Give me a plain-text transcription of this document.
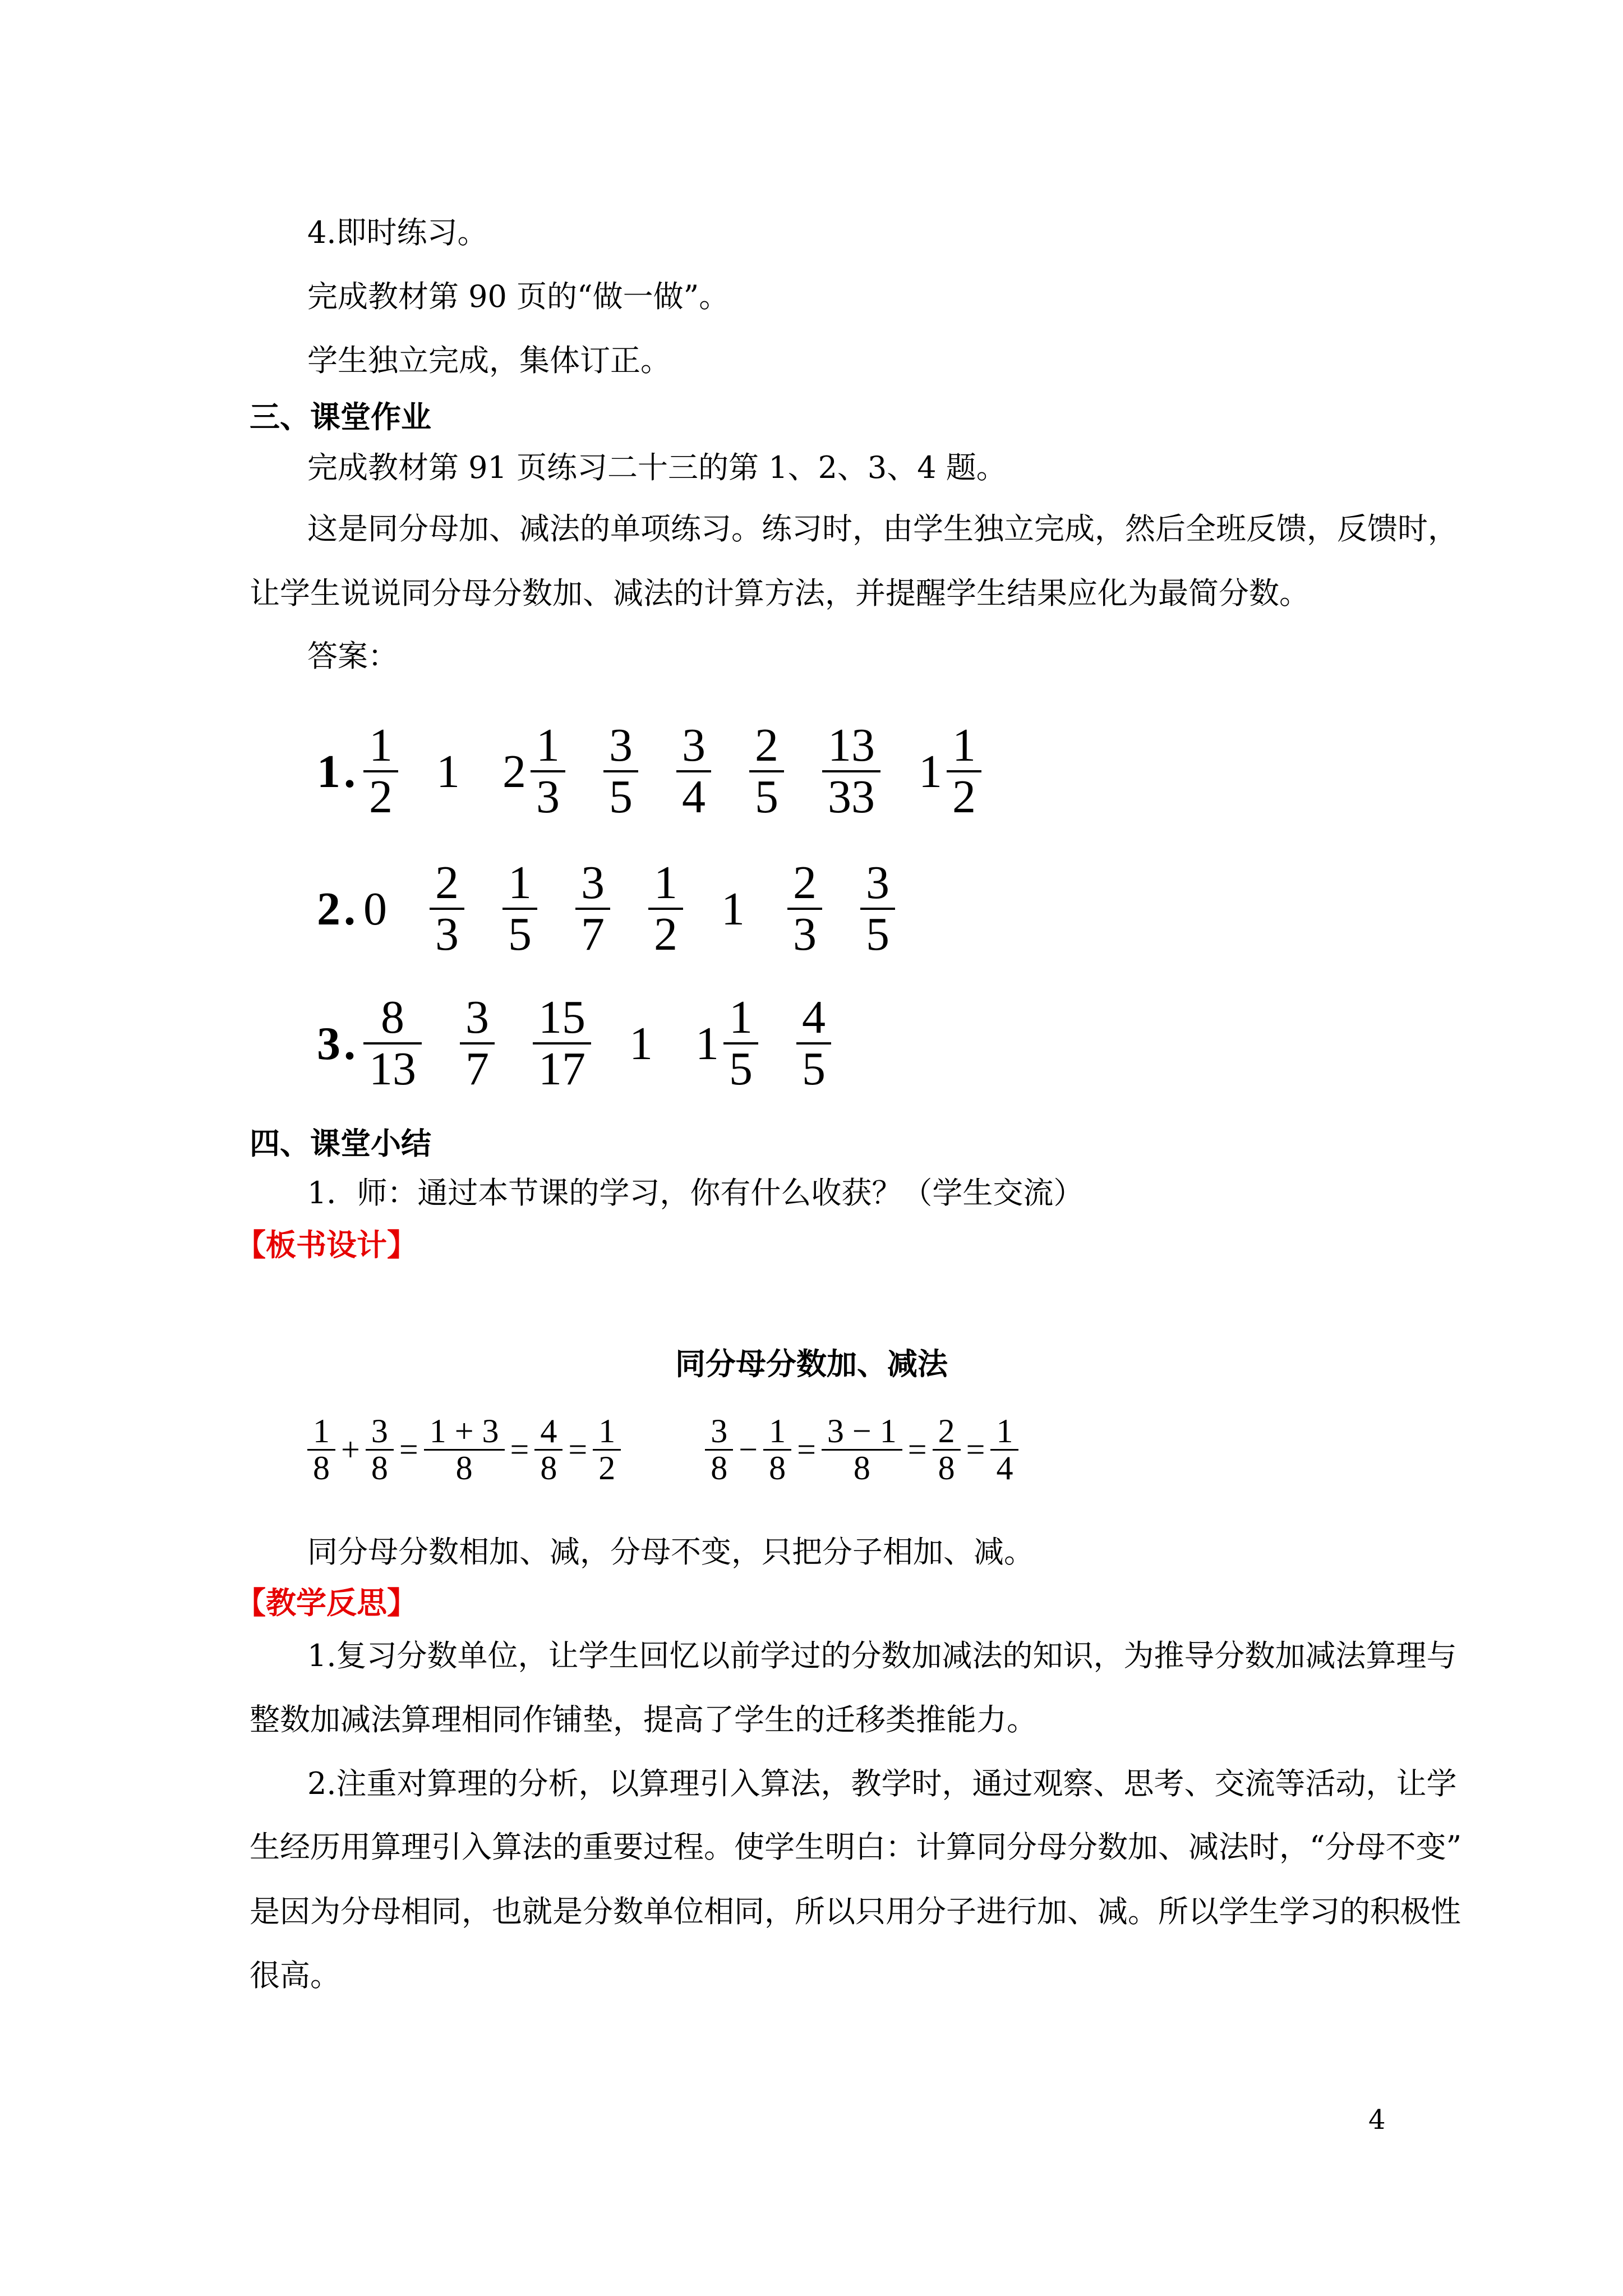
4.即时练习。

完成教材第 90 页的“做一做”。

学生独立完成，集体订正。

三、课堂作业

完成教材第 91 页练习二十三的第 1、2、3、4 题。

这是同分母加、减法的单项练习。练习时，由学生独立完成，然后全班反馈，反馈时，

让学生说说同分母分数加、减法的计算方法，并提醒学生结果应化为最简分数。

答案：

1 . $\frac{1}{2} 1$ $2 \frac{1}{3} \frac{3}{5} \frac{3}{4} \frac{2}{5} \frac{13}{33} 1 \frac{1}{2}$
2 . $0 \frac{2}{3} \frac{1}{5} \frac{3}{7} \frac{1}{2} 1 \frac{2}{3} \frac{3}{5}$
3 . $\frac{8}{13} \frac{3}{7} \frac{15}{17} 1$ $1 \frac{1}{5} \frac{4}{5}$

四、课堂小结

1．师：通过本节课的学习，你有什么收获？（学生交流）

【板书设计】

同分母分数加、减法

$\frac{1}{8} + \frac{3}{8} = \frac{1 + 3}{8} = \frac{4}{8} = \frac{1}{2}$	$\frac{3}{8} - \frac{1}{8} = \frac{3 - 1}{8} = \frac{2}{8} = \frac{1}{4}$

同分母分数相加、减，分母不变，只把分子相加、减。

【教学反思】

1.复习分数单位，让学生回忆以前学过的分数加减法的知识，为推导分数加减法算理与

整数加减法算理相同作铺垫，提高了学生的迁移类推能力。

2.注重对算理的分析，以算理引入算法，教学时，通过观察、思考、交流等活动，让学

生经历用算理引入算法的重要过程。使学生明白：计算同分母分数加、减法时，“分母不变”

是因为分母相同，也就是分数单位相同，所以只用分子进行加、减。所以学生学习的积极性

很高。

4
